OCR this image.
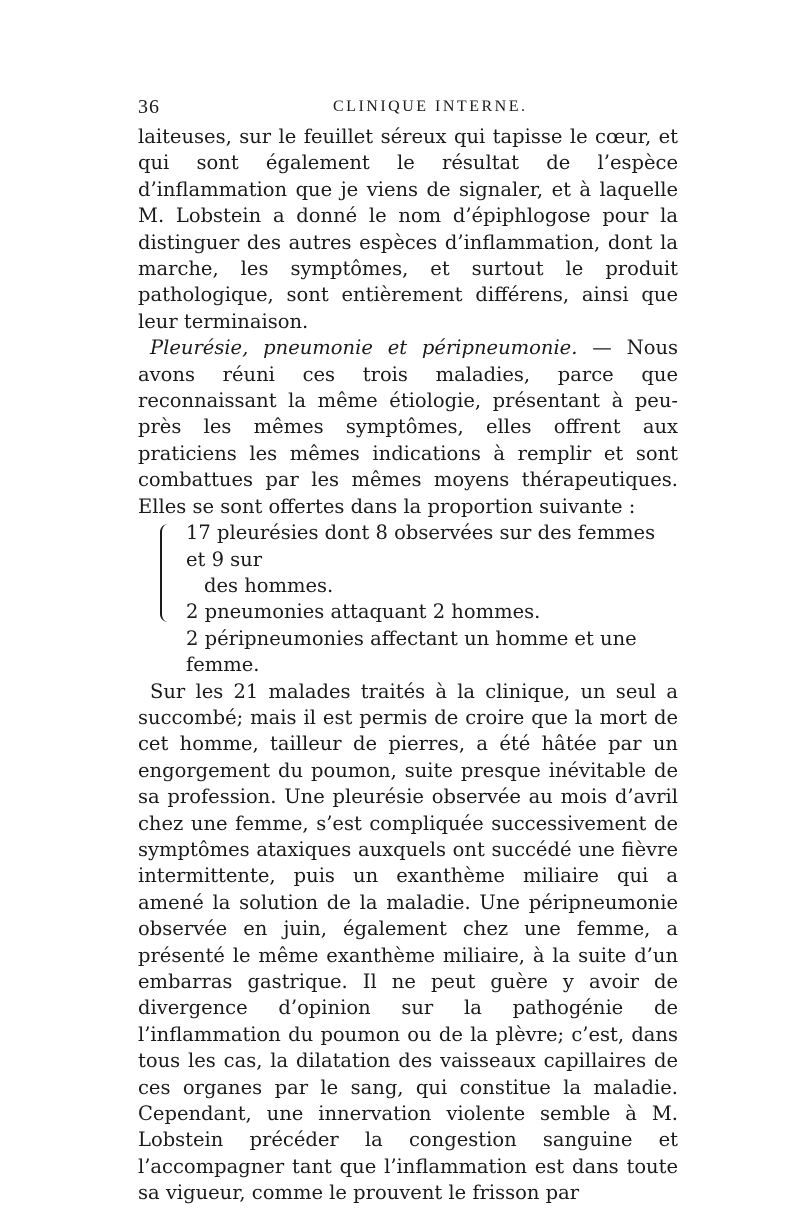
36	CLINIQUE INTERNE.

laiteuses, sur le feuillet séreux qui tapisse le cœur, et qui sont également le résultat de l’espèce d’inflammation que je viens de signaler, et à laquelle M. Lobstein a donné le nom d’épiphlogose pour la distinguer des autres espèces d’inflammation, dont la marche, les symptômes, et surtout le produit pathologique, sont entièrement différens, ainsi que leur terminaison.

Pleurésie, pneumonie et péripneumonie. — Nous avons réuni ces trois maladies, parce que reconnaissant la même étiologie, présentant à peu-près les mêmes symptômes, elles offrent aux praticiens les mêmes indications à remplir et sont combattues par les mêmes moyens thérapeutiques. Elles se sont offertes dans la proportion suivante :

17 pleurésies dont 8 observées sur des femmes et 9 sur
des hommes.
2 pneumonies attaquant 2 hommes.
2 péripneumonies affectant un homme et une femme.

Sur les 21 malades traités à la clinique, un seul a succombé; mais il est permis de croire que la mort de cet homme, tailleur de pierres, a été hâtée par un engorgement du poumon, suite presque inévitable de sa profession. Une pleurésie observée au mois d’avril chez une femme, s’est compliquée successivement de symptômes ataxiques auxquels ont succédé une fièvre intermittente, puis un exanthème miliaire qui a amené la solution de la maladie. Une péripneumonie observée en juin, également chez une femme, a présenté le même exanthème miliaire, à la suite d’un embarras gastrique. Il ne peut guère y avoir de divergence d’opinion sur la pathogénie de l’inflammation du poumon ou de la plèvre; c’est, dans tous les cas, la dilatation des vaisseaux capillaires de ces organes par le sang, qui constitue la maladie. Cependant, une innervation violente semble à M. Lobstein précéder la congestion sanguine et l’accompagner tant que l’inflammation est dans toute sa vigueur, comme le prouvent le frisson par
